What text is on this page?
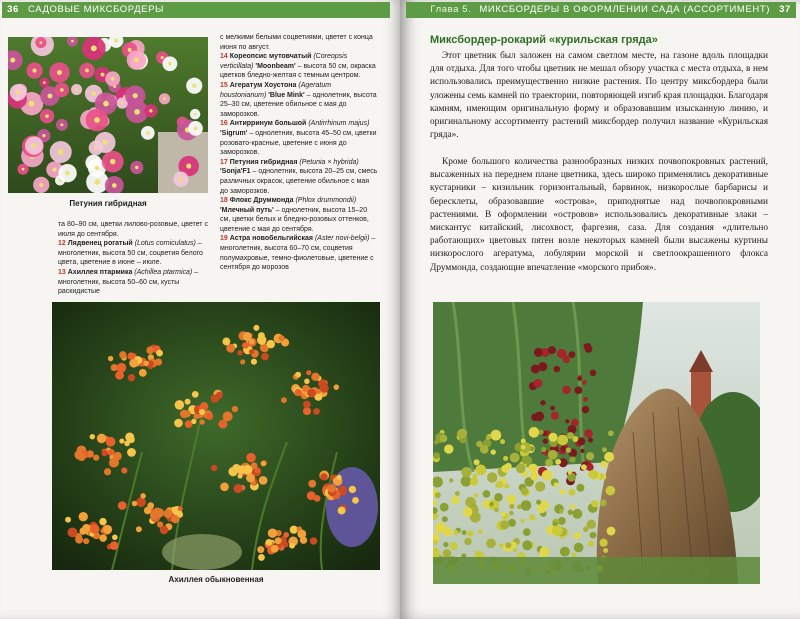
36 САДОВЫЕ МИКСБОРДЕРЫ
Петуния гибридная

та 80–90 см, цветки лилово-розовые, цветет с июля до сентября.

12 Лядвенец рогатый (Lotus corniculatus) – многолетник, высота 50 см, соцветия белого цвета, цветение в июне – июле.

13 Ахиллея птармика (Achillea ptarmica) – многолетник, высота 50–60 см, кусты раскидистые

с мелкими белыми соцветиями, цветет с конца июня по август.

14 Кореопсис мутовчатый (Coreopsis verticillata) 'Moonbeam' – высота 50 см, окраска цветков бледно-желтая с темным центром.

15 Агератум Хоустона (Ageratum houstonianum) 'Blue Mink' – однолетник, высота 25–30 см, цветение обильное с мая до заморозков.

16 Антирринум большой (Antirrhinum majus) 'Sigrum' – однолетник, высота 45–50 см, цветки розовато-красные, цветение с июня до заморозков.

17 Петуния гибридная (Petunia × hybrida) 'Sonja'F1 – однолетник, высота 20–25 см, смесь различных окрасок, цветение обильное с мая до заморозков.

18 Флокс Друммонда (Phlox drummondii) 'Млечный путь' – однолетник, высота 15–20 см, цветки белых и бледно-розовых оттенков, цветение с мая до сентября.

19 Астра новобельгийская (Aster novi-belgii) – многолетник, высота 60–70 см, соцветия полумахровые, темно-фиолетовые, цветение с сентября до морозов

Ахиллея обыкновенная
Глава 5. МИКСБОРДЕРЫ В ОФОРМЛЕНИИ САДА (АССОРТИМЕНТ) 37
Миксбордер-рокарий «курильская гряда»

Этот цветник был заложен на самом светлом месте, на газоне вдоль площадки для отдыха. Для того чтобы цветник не мешал обзору участка с места отдыха, в нем использовались преимущественно низкие растения. По центру миксбордера были уложены семь камней по траектории, повторяющей изгиб края площадки. Благодаря камням, имеющим оригинальную форму и образовавшим изысканную линию, и оригинальному ассортименту растений миксбордер получил название «Курильская гряда».

Кроме большого количества разнообразных низких почвопокровных растений, высаженных на переднем плане цветника, здесь широко применялись декоративные кустарники – кизильник горизонтальный, барвинок, низкорослые барбарисы и бересклеты, образовавшие «острова», приподнятые над почвопокровными растениями. В оформлении «островов» использовались декоративные злаки – мискантус китайский, лисохвост, фаргезия, саза. Для создания «длительно работающих» цветовых пятен возле некоторых камней были высажены куртины низкорослого агератума, лобулярии морской и светлоокрашенного флокса Друммонда, создающие впечатление «морского прибоя».
